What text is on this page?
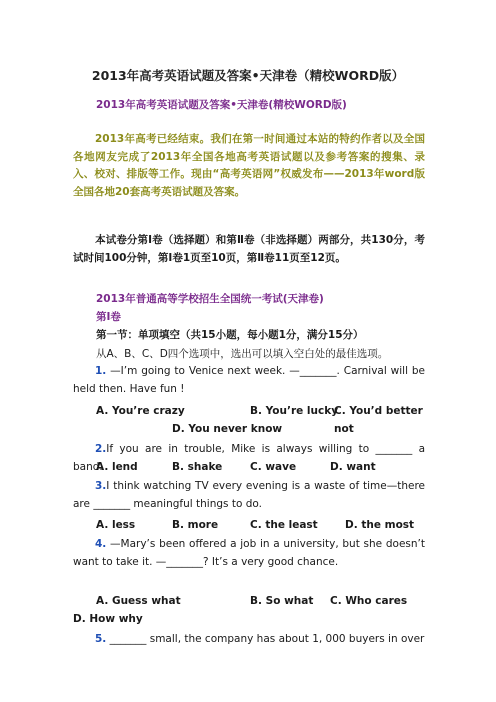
2013年高考英语试题及答案•天津卷（精校WORD版）
2013年高考英语试题及答案•天津卷(精校WORD版)
2013年高考已经结束。我们在第一时间通过本站的特约作者以及全国各地网友完成了2013年全国各地高考英语试题以及参考答案的搜集、录入、校对、排版等工作。现由“高考英语网”权威发布——2013年word版全国各地20套高考英语试题及答案。
本试卷分第Ⅰ卷（选择题）和第Ⅱ卷（非选择题）两部分，共130分，考试时间100分钟，第Ⅰ卷1页至10页，第Ⅱ卷11页至12页。
2013年普通高等学校招生全国统一考试(天津卷)
第Ⅰ卷
第一节：单项填空（共15小题，每小题1分，满分15分）
从A、B、C、D四个选项中，选出可以填入空白处的最佳选项。
1. —I’m going to Venice next week. —_______. Carnival will be held then. Have fun !
A. You’re crazy	B. You’re lucky
C. You’d better not
D. You never know
2.If you are in trouble, Mike is always willing to _______ a band.
A. lend	B. shake	C. wave	D. want
3.I think watching TV every evening is a waste of time—there are _______ meaningful things to do.
A. less	B. more	C. the least	D. the most
4. —Mary’s been offered a job in a university, but she doesn’t want to take it. —_______? It’s a very good chance.
A. Guess what	B. So what C. Who cares
D. How why
5. _______ small, the company has about 1, 000 buyers in over
